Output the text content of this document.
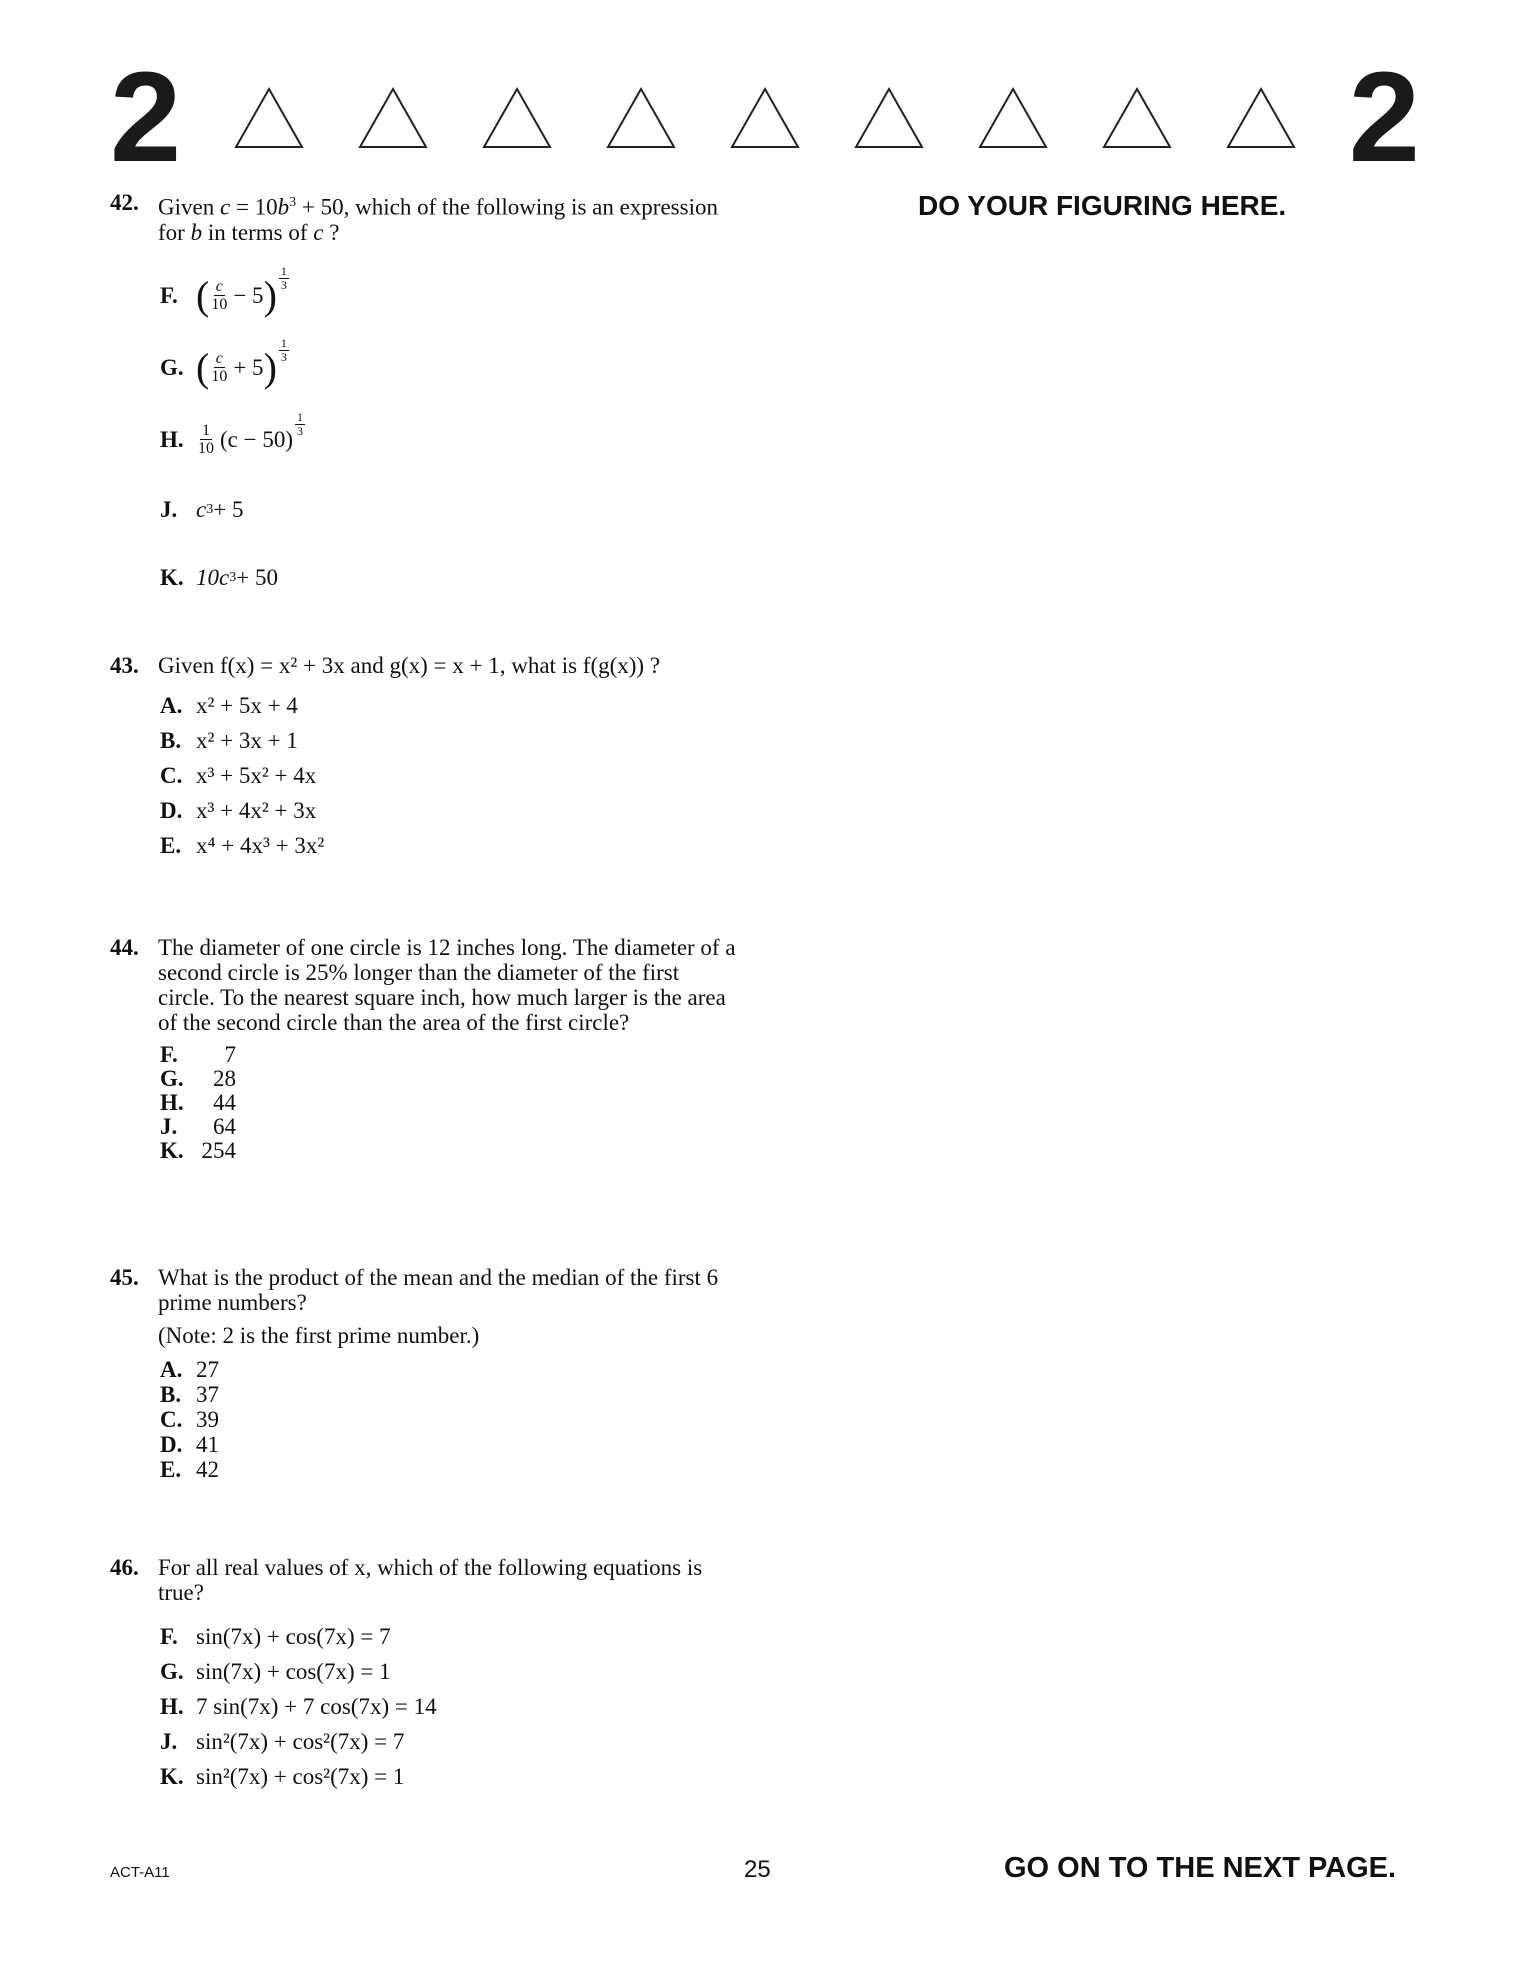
2	2
DO YOUR FIGURING HERE.
42. Given $c = 10b^3 + 50$, which of the following is an expression for b in terms of c ?
F. ( $\frac{c}{10} - 5$ ) $\frac{1}{3}$
G. ( $\frac{c}{10} + 5$ ) $\frac{1}{3}$
H. $\frac{1}{10} (c - 50)$
$\frac{1}{3}$
J. c 3 + 5
K. 10c 3 + 50
43. Given f(x) = x² + 3x and g(x) = x + 1, what is f(g(x)) ?
A. x² + 5x + 4
B. x² + 3x + 1
C. x³ + 5x² + 4x
D. x³ + 4x² + 3x
E. x⁴ + 4x³ + 3x²
44. The diameter of one circle is 12 inches long. The diameter of a second circle is 25% longer than the diameter of the first circle. To the nearest square inch, how much larger is the area of the second circle than the area of the first circle?
F.	7
G.	28
H.	44
J.	64
K. 254
45. What is the product of the mean and the median of the first 6 prime numbers?
(Note: 2 is the first prime number.)
A. 27
B. 37
C. 39
D. 41
E. 42
46. For all real values of x, which of the following equations is true?
F. sin(7x) + cos(7x) = 7
G. sin(7x) + cos(7x) = 1
H. 7 sin(7x) + 7 cos(7x) = 14
J. sin²(7x) + cos²(7x) = 7
K. sin²(7x) + cos²(7x) = 1
ACT-A11	25	GO ON TO THE NEXT PAGE.
